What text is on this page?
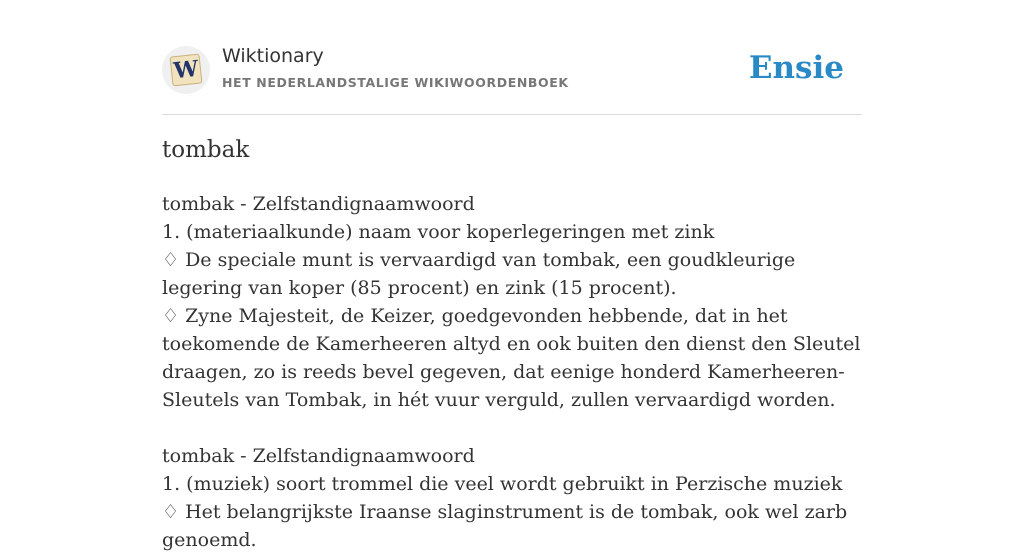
W Wiktionary
HET NEDERLANDSTALIGE WIKIWOORDENBOEK	Ensie
tombak

tombak - Zelfstandignaamwoord

1. (materiaalkunde) naam voor koperlegeringen met zink

♢ De speciale munt is vervaardigd van tombak, een goudkleurige legering van koper (85 procent) en zink (15 procent).

♢ Zyne Majesteit, de Keizer, goedgevonden hebbende, dat in het toekomende de Kamerheeren altyd en ook buiten den dienst den Sleutel draagen, zo is reeds bevel gegeven, dat eenige honderd Kamerheeren-Sleutels van Tombak, in hét vuur verguld, zullen vervaardigd worden.

tombak - Zelfstandignaamwoord

1. (muziek) soort trommel die veel wordt gebruikt in Perzische muziek

♢ Het belangrijkste Iraanse slaginstrument is de tombak, ook wel zarb genoemd.
